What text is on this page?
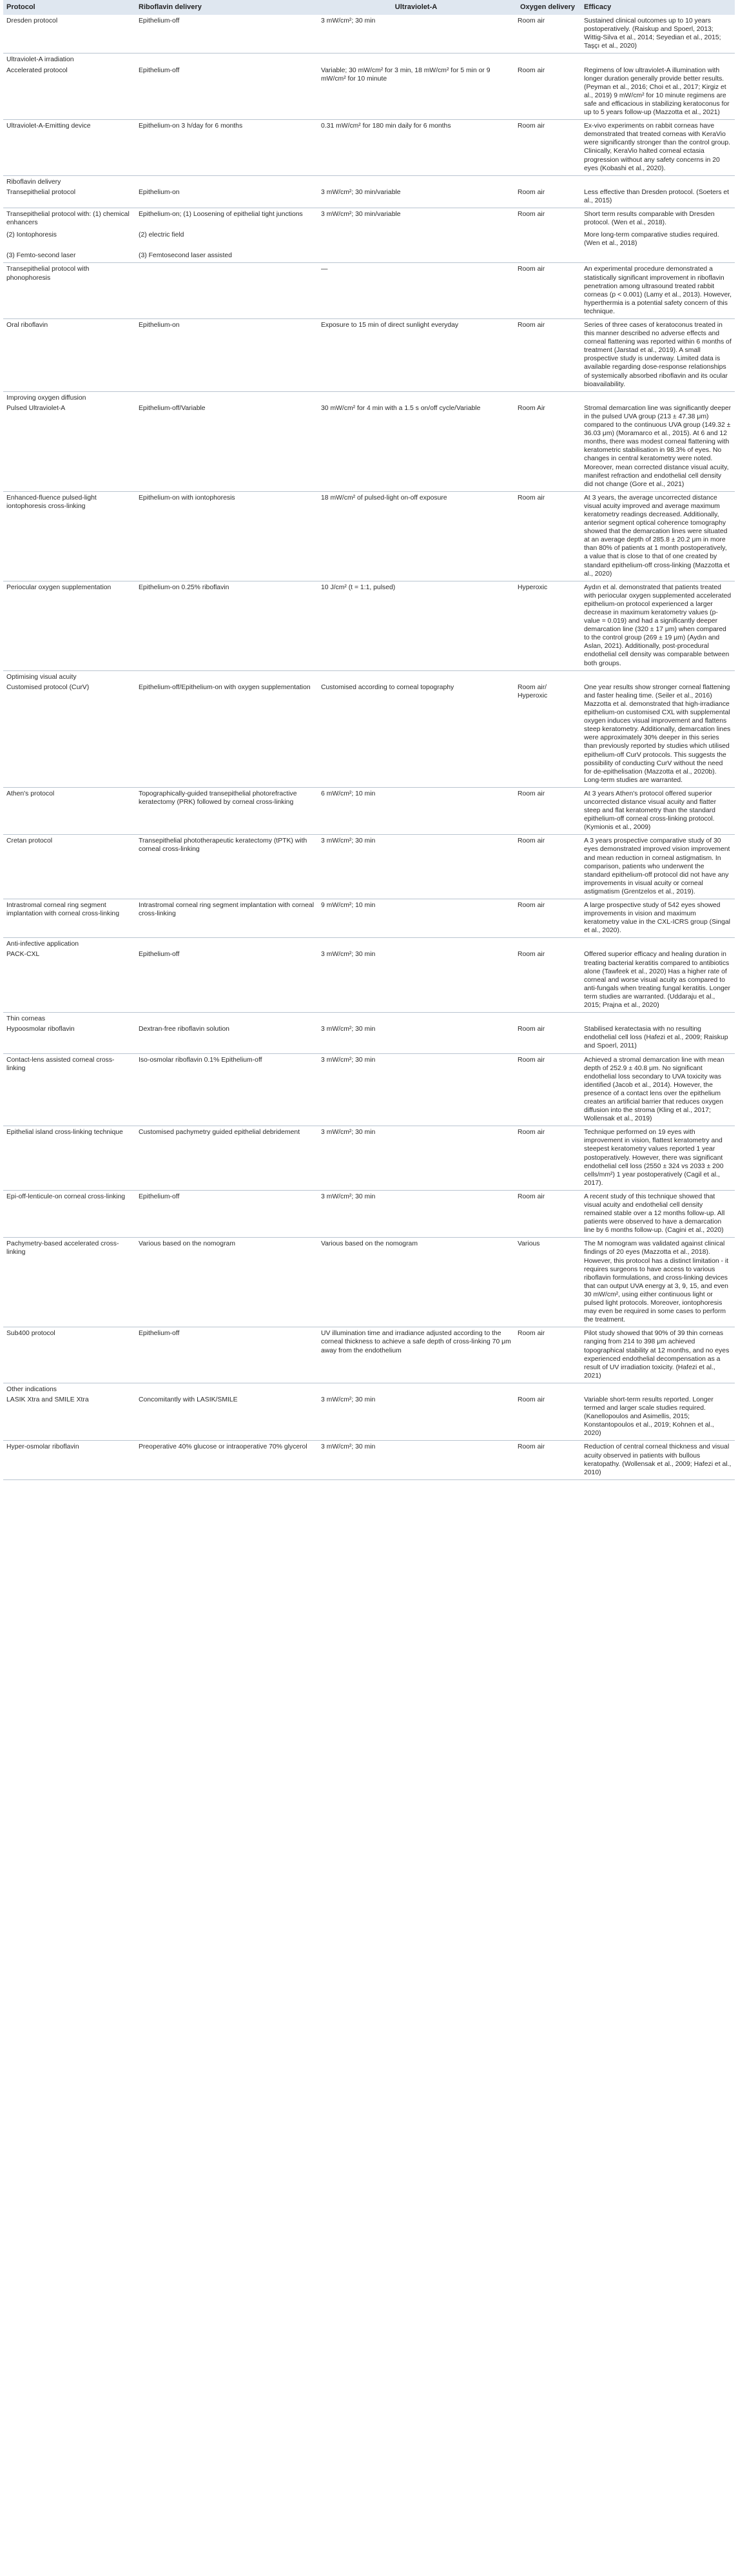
Protocol	Riboflavin delivery	Ultraviolet-A	Oxygen delivery	Efficacy
Dresden protocol	Epithelium-off	3 mW/cm²; 30 min	Room air	Sustained clinical outcomes up to 10 years postoperatively. (Raiskup and Spoerl, 2013; Wittig-Silva et al., 2014; Seyedian et al., 2015; Taşçı et al., 2020)
Ultraviolet-A irradiation				
Accelerated protocol	Epithelium-off	Variable; 30 mW/cm² for 3 min, 18 mW/cm² for 5 min or 9 mW/cm² for 10 minute	Room air	Regimens of low ultraviolet-A illumination with longer duration generally provide better results. (Peyman et al., 2016; Choi et al., 2017; Kirgiz et al., 2019) 9 mW/cm² for 10 minute regimens are safe and efficacious in stabilizing keratoconus for up to 5 years follow-up (Mazzotta et al., 2021)
Ultraviolet-A-Emitting device	Epithelium-on 3 h/day for 6 months	0.31 mW/cm² for 180 min daily for 6 months	Room air	Ex-vivo experiments on rabbit corneas have demonstrated that treated corneas with KeraVio were significantly stronger than the control group. Clinically, KeraVio halted corneal ectasia progression without any safety concerns in 20 eyes (Kobashi et al., 2020).
Riboflavin delivery				
Transepithelial protocol	Epithelium-on	3 mW/cm²; 30 min/variable	Room air	Less effective than Dresden protocol. (Soeters et al., 2015)
Transepithelial protocol with: (1) chemical enhancers	Epithelium-on; (1) Loosening of epithelial tight junctions	3 mW/cm²; 30 min/variable	Room air	Short term results comparable with Dresden protocol. (Wen et al., 2018).
(2) Iontophoresis	(2) electric field			More long-term comparative studies required. (Wen et al., 2018)
(3) Femto-second laser	(3) Femtosecond laser assisted			
Transepithelial protocol with phonophoresis		—	Room air	An experimental procedure demonstrated a statistically significant improvement in riboflavin penetration among ultrasound treated rabbit corneas (p < 0.001) (Lamy et al., 2013). However, hyperthermia is a potential safety concern of this technique.
Oral riboflavin	Epithelium-on	Exposure to 15 min of direct sunlight everyday	Room air	Series of three cases of keratoconus treated in this manner described no adverse effects and corneal flattening was reported within 6 months of treatment (Jarstad et al., 2019). A small prospective study is underway. Limited data is available regarding dose-response relationships of systemically absorbed riboflavin and its ocular bioavailability.
Improving oxygen diffusion				
Pulsed Ultraviolet-A	Epithelium-off/Variable	30 mW/cm² for 4 min with a 1.5 s on/off cycle/Variable	Room Air	Stromal demarcation line was significantly deeper in the pulsed UVA group (213 ± 47.38 μm) compared to the continuous UVA group (149.32 ± 36.03 μm) (Moramarco et al., 2015). At 6 and 12 months, there was modest corneal flattening with keratometric stabilisation in 98.3% of eyes. No changes in central keratometry were noted. Moreover, mean corrected distance visual acuity, manifest refraction and endothelial cell density did not change (Gore et al., 2021)
Enhanced-fluence pulsed-light iontophoresis cross-linking	Epithelium-on with iontophoresis	18 mW/cm² of pulsed-light on-off exposure	Room air	At 3 years, the average uncorrected distance visual acuity improved and average maximum keratometry readings decreased. Additionally, anterior segment optical coherence tomography showed that the demarcation lines were situated at an average depth of 285.8 ± 20.2 μm in more than 80% of patients at 1 month postoperatively, a value that is close to that of one created by standard epithelium-off cross-linking (Mazzotta et al., 2020)
Periocular oxygen supplementation	Epithelium-on 0.25% riboflavin	10 J/cm² (t = 1:1, pulsed)	Hyperoxic	Aydın et al. demonstrated that patients treated with periocular oxygen supplemented accelerated epithelium-on protocol experienced a larger decrease in maximum keratometry values (p-value = 0.019) and had a significantly deeper demarcation line (320 ± 17 μm) when compared to the control group (269 ± 19 μm) (Aydın and Aslan, 2021). Additionally, post-procedural endothelial cell density was comparable between both groups.
Optimising visual acuity				
Customised protocol (CurV)	Epithelium-off/Epithelium-on with oxygen supplementation	Customised according to corneal topography	Room air/ Hyperoxic	One year results show stronger corneal flattening and faster healing time. (Seiler et al., 2016) Mazzotta et al. demonstrated that high-irradiance epithelium-on customised CXL with supplemental oxygen induces visual improvement and flattens steep keratometry. Additionally, demarcation lines were approximately 30% deeper in this series than previously reported by studies which utilised epithelium-off CurV protocols. This suggests the possibility of conducting CurV without the need for de-epithelisation (Mazzotta et al., 2020b). Long-term studies are warranted.
Athen's protocol	Topographically-guided transepithelial photorefractive keratectomy (PRK) followed by corneal cross-linking	6 mW/cm²; 10 min	Room air	At 3 years Athen's protocol offered superior uncorrected distance visual acuity and flatter steep and flat keratometry than the standard epithelium-off corneal cross-linking protocol. (Kymionis et al., 2009)
Cretan protocol	Transepithelial phototherapeutic keratectomy (tPTK) with corneal cross-linking	3 mW/cm²; 30 min	Room air	A 3 years prospective comparative study of 30 eyes demonstrated improved vision improvement and mean reduction in corneal astigmatism. In comparison, patients who underwent the standard epithelium-off protocol did not have any improvements in visual acuity or corneal astigmatism (Grentzelos et al., 2019).
Intrastromal corneal ring segment implantation with corneal cross-linking	Intrastromal corneal ring segment implantation with corneal cross-linking	9 mW/cm²; 10 min	Room air	A large prospective study of 542 eyes showed improvements in vision and maximum keratometry value in the CXL-ICRS group (Singal et al., 2020).
Anti-infective application				
PACK-CXL	Epithelium-off	3 mW/cm²; 30 min	Room air	Offered superior efficacy and healing duration in treating bacterial keratitis compared to antibiotics alone (Tawfeek et al., 2020) Has a higher rate of corneal and worse visual acuity as compared to anti-fungals when treating fungal keratitis. Longer term studies are warranted. (Uddaraju et al., 2015; Prajna et al., 2020)
Thin corneas				
Hypoosmolar riboflavin	Dextran-free riboflavin solution	3 mW/cm²; 30 min	Room air	Stabilised keratectasia with no resulting endothelial cell loss (Hafezi et al., 2009; Raiskup and Spoerl, 2011)
Contact-lens assisted corneal cross-linking	Iso-osmolar riboflavin 0.1% Epithelium-off	3 mW/cm²; 30 min	Room air	Achieved a stromal demarcation line with mean depth of 252.9 ± 40.8 μm. No significant endothelial loss secondary to UVA toxicity was identified (Jacob et al., 2014). However, the presence of a contact lens over the epithelium creates an artificial barrier that reduces oxygen diffusion into the stroma (Kling et al., 2017; Wollensak et al., 2019)
Epithelial island cross-linking technique	Customised pachymetry guided epithelial debridement	3 mW/cm²; 30 min	Room air	Technique performed on 19 eyes with improvement in vision, flattest keratometry and steepest keratometry values reported 1 year postoperatively. However, there was significant endothelial cell loss (2550 ± 324 vs 2033 ± 200 cells/mm²) 1 year postoperatively (Cagil et al., 2017).
Epi-off-lenticule-on corneal cross-linking	Epithelium-off	3 mW/cm²; 30 min	Room air	A recent study of this technique showed that visual acuity and endothelial cell density remained stable over a 12 months follow-up. All patients were observed to have a demarcation line by 6 months follow-up. (Cagini et al., 2020)
Pachymetry-based accelerated cross-linking	Various based on the nomogram	Various based on the nomogram	Various	The M nomogram was validated against clinical findings of 20 eyes (Mazzotta et al., 2018). However, this protocol has a distinct limitation - it requires surgeons to have access to various riboflavin formulations, and cross-linking devices that can output UVA energy at 3, 9, 15, and even 30 mW/cm², using either continuous light or pulsed light protocols. Moreover, iontophoresis may even be required in some cases to perform the treatment.
Sub400 protocol	Epithelium-off	UV illumination time and irradiance adjusted according to the corneal thickness to achieve a safe depth of cross-linking 70 μm away from the endothelium	Room air	Pilot study showed that 90% of 39 thin corneas ranging from 214 to 398 μm achieved topographical stability at 12 months, and no eyes experienced endothelial decompensation as a result of UV irradiation toxicity. (Hafezi et al., 2021)
Other indications				
LASIK Xtra and SMILE Xtra	Concomitantly with LASIK/SMILE	3 mW/cm²; 30 min	Room air	Variable short-term results reported. Longer termed and larger scale studies required. (Kanellopoulos and Asimellis, 2015; Konstantopoulos et al., 2019; Kohnen et al., 2020)
Hyper-osmolar riboflavin	Preoperative 40% glucose or intraoperative 70% glycerol	3 mW/cm²; 30 min	Room air	Reduction of central corneal thickness and visual acuity observed in patients with bullous keratopathy. (Wollensak et al., 2009; Hafezi et al., 2010)
